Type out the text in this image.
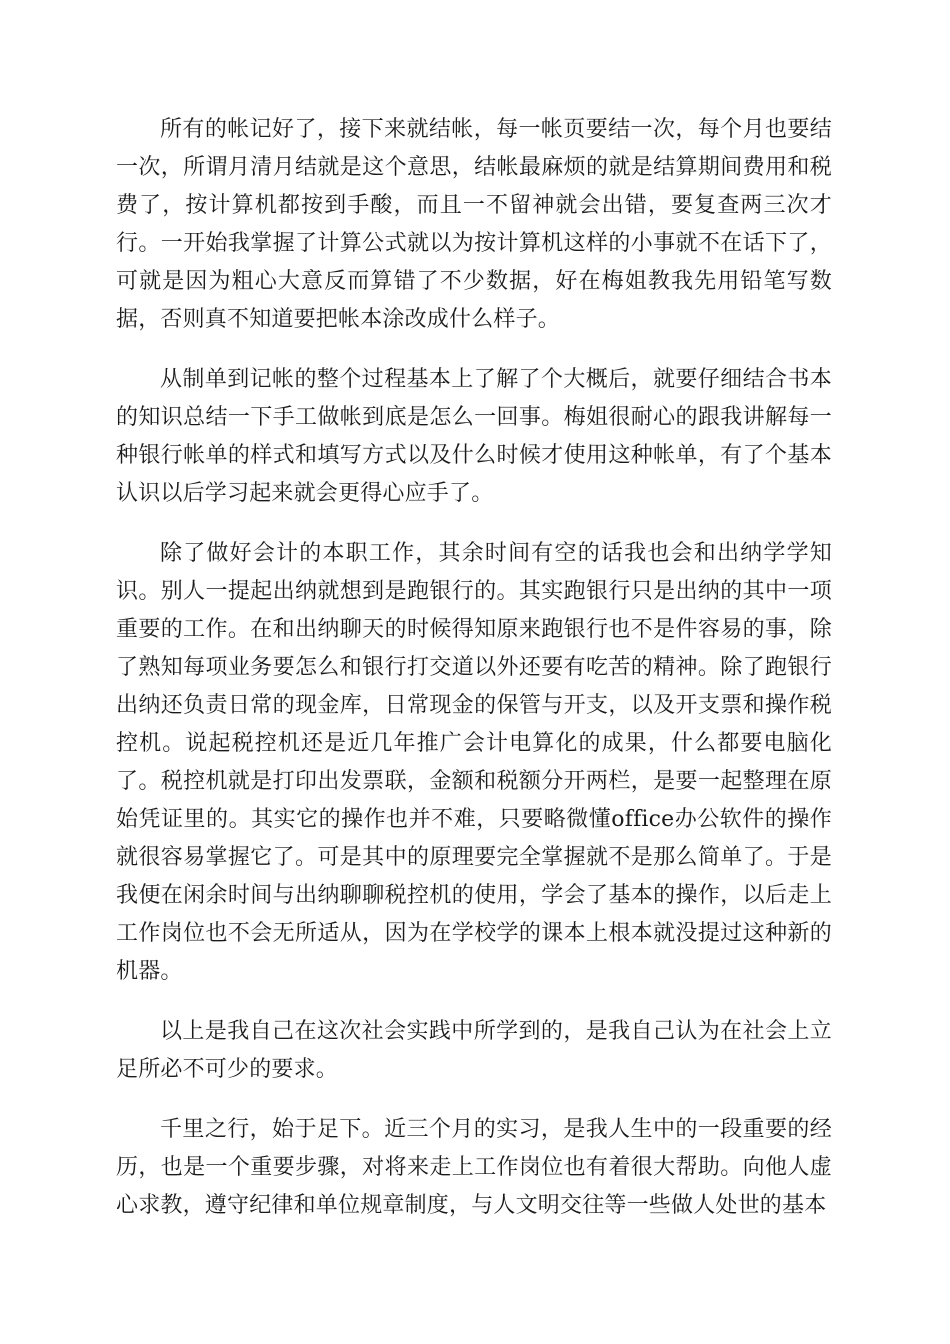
所有的帐记好了，接下来就结帐，每一帐页要结一次，每个月也要结一次，所谓月清月结就是这个意思，结帐最麻烦的就是结算期间费用和税费了，按计算机都按到手酸，而且一不留神就会出错，要复查两三次才行。一开始我掌握了计算公式就以为按计算机这样的小事就不在话下了，可就是因为粗心大意反而算错了不少数据，好在梅姐教我先用铅笔写数据，否则真不知道要把帐本涂改成什么样子。

从制单到记帐的整个过程基本上了解了个大概后，就要仔细结合书本的知识总结一下手工做帐到底是怎么一回事。梅姐很耐心的跟我讲解每一种银行帐单的样式和填写方式以及什么时候才使用这种帐单，有了个基本认识以后学习起来就会更得心应手了。

除了做好会计的本职工作，其余时间有空的话我也会和出纳学学知识。别人一提起出纳就想到是跑银行的。其实跑银行只是出纳的其中一项重要的工作。在和出纳聊天的时候得知原来跑银行也不是件容易的事，除了熟知每项业务要怎么和银行打交道以外还要有吃苦的精神。除了跑银行出纳还负责日常的现金库，日常现金的保管与开支，以及开支票和操作税控机。说起税控机还是近几年推广会计电算化的成果，什么都要电脑化了。税控机就是打印出发票联，金额和税额分开两栏，是要一起整理在原始凭证里的。其实它的操作也并不难，只要略微懂office办公软件的操作就很容易掌握它了。可是其中的原理要完全掌握就不是那么简单了。于是我便在闲余时间与出纳聊聊税控机的使用，学会了基本的操作，以后走上工作岗位也不会无所适从，因为在学校学的课本上根本就没提过这种新的机器。

以上是我自己在这次社会实践中所学到的，是我自己认为在社会上立足所必不可少的要求。

千里之行，始于足下。近三个月的实习，是我人生中的一段重要的经历，也是一个重要步骤，对将来走上工作岗位也有着很大帮助。向他人虚心求教，遵守纪律和单位规章制度，与人文明交往等一些做人处世的基本
